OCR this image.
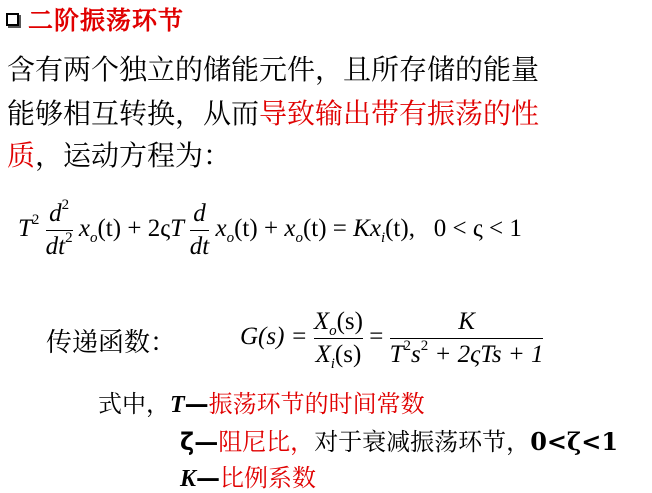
二阶振荡环节
含有两个独立的储能元件，且所存储的能量
能够相互转换，从而导致输出带有振荡的性
质，运动方程为：
$T^2 \frac{d^2}{dt^2} x_o(t) + 2\varsigma T \frac{d}{dt} x_o(t) + x_o(t) = Kx_i(t)$, 0 < ς < 1
传递函数：	$G(s) = \frac{X_o(s)}{X_i(s)} = \frac{K}{T^2s^2 + 2\varsigma Ts + 1}$
式中，T—振荡环节的时间常数
ζ—阻尼比，对于衰减振荡环节，0<ζ<1
K—比例系数
